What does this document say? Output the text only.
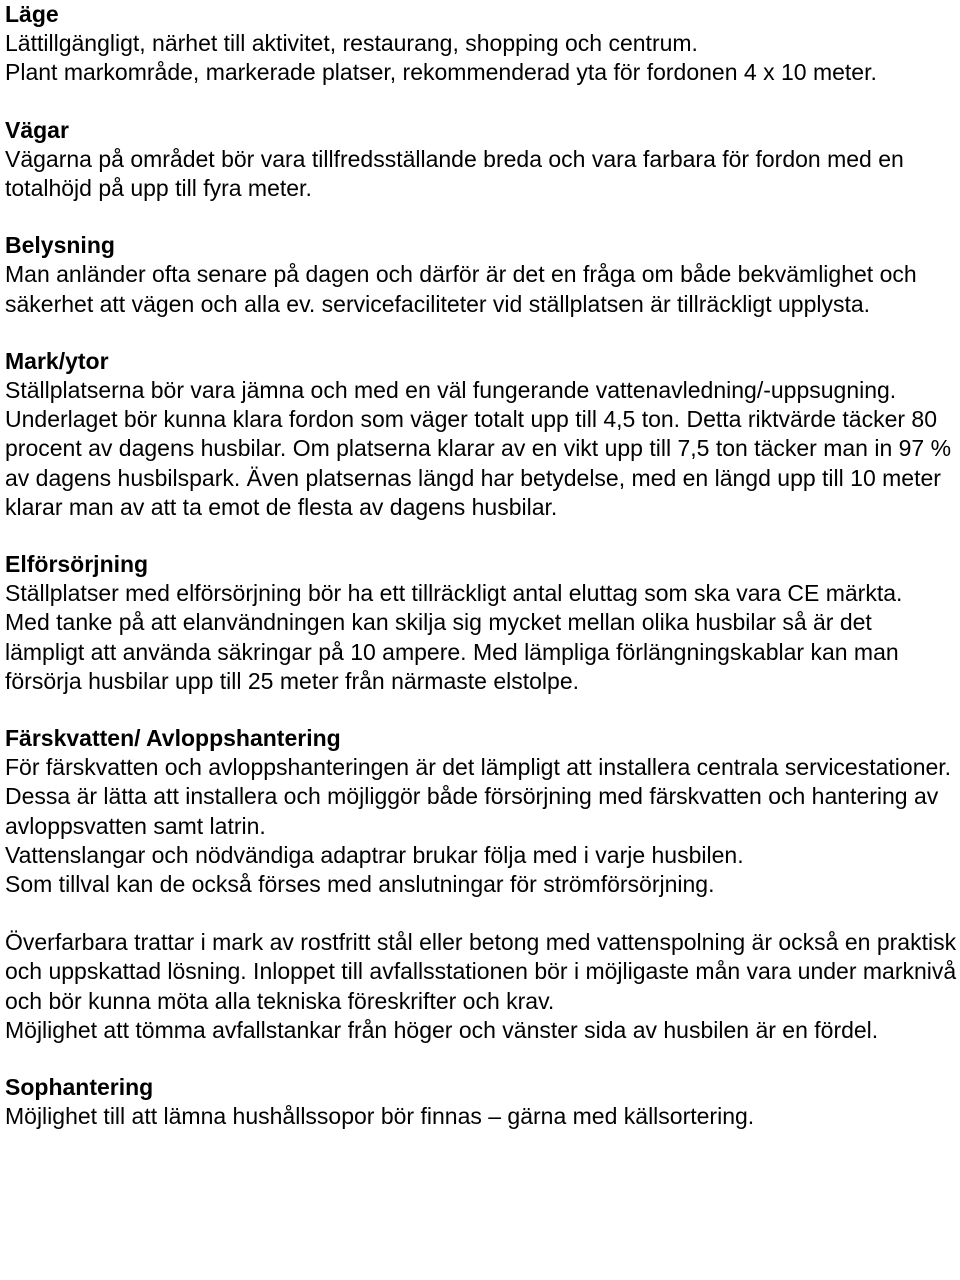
Läge

Lättillgängligt, närhet till aktivitet, restaurang, shopping och centrum.

Plant markområde, markerade platser, rekommenderad yta för fordonen 4 x 10 meter.

Vägar

Vägarna på området bör vara tillfredsställande breda och vara farbara för fordon med en totalhöjd på upp till fyra meter.

Belysning

Man anländer ofta senare på dagen och därför är det en fråga om både bekvämlighet och säkerhet att vägen och alla ev. servicefaciliteter vid ställplatsen är tillräckligt upplysta.

Mark/ytor

Ställplatserna bör vara jämna och med en väl fungerande vattenavledning/-uppsugning. Underlaget bör kunna klara fordon som väger totalt upp till 4,5 ton. Detta riktvärde täcker 80 procent av dagens husbilar. Om platserna klarar av en vikt upp till 7,5 ton täcker man in 97 % av dagens husbilspark. Även platsernas längd har betydelse, med en längd upp till 10 meter klarar man av att ta emot de flesta av dagens husbilar.

Elförsörjning

Ställplatser med elförsörjning bör ha ett tillräckligt antal eluttag som ska vara CE märkta.

Med tanke på att elanvändningen kan skilja sig mycket mellan olika husbilar så är det lämpligt att använda säkringar på 10 ampere. Med lämpliga förlängningskablar kan man försörja husbilar upp till 25 meter från närmaste elstolpe.

Färskvatten/ Avloppshantering

För färskvatten och avloppshanteringen är det lämpligt att installera centrala servicestationer. Dessa är lätta att installera och möjliggör både försörjning med färskvatten och hantering av avloppsvatten samt latrin.

Vattenslangar och nödvändiga adaptrar brukar följa med i varje husbilen.

Som tillval kan de också förses med anslutningar för strömförsörjning.

Överfarbara trattar i mark av rostfritt stål eller betong med vattenspolning är också en praktisk och uppskattad lösning. Inloppet till avfallsstationen bör i möjligaste mån vara under marknivå och bör kunna möta alla tekniska föreskrifter och krav.

Möjlighet att tömma avfallstankar från höger och vänster sida av husbilen är en fördel.

Sophantering

Möjlighet till att lämna hushållssopor bör finnas – gärna med källsortering.
